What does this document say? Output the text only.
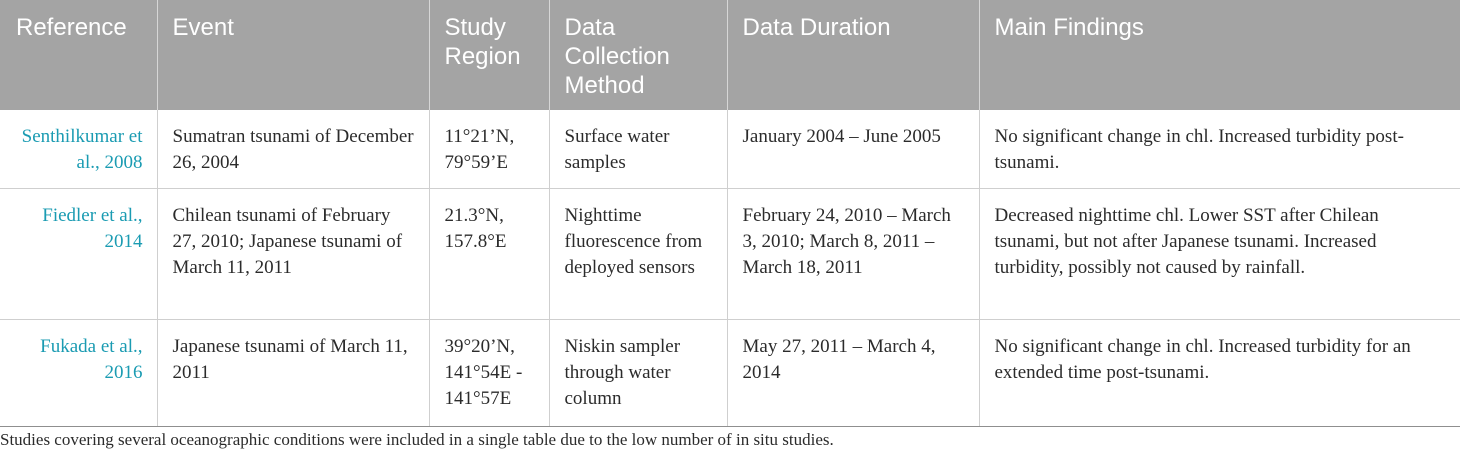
Reference	Event	Study Region	Data Collection Method	Data Duration	Main Findings
Senthilkumar et al., 2008	Sumatran tsunami of December 26, 2004	11°21’N, 79°59’E	Surface water samples	January 2004 – June 2005	No significant change in chl. Increased turbidity post-tsunami.
Fiedler et al., 2014	Chilean tsunami of February 27, 2010; Japanese tsunami of March 11, 2011	21.3°N, 157.8°E	Nighttime fluorescence from deployed sensors	February 24, 2010 – March 3, 2010; March 8, 2011 – March 18, 2011	Decreased nighttime chl. Lower SST after Chilean tsunami, but not after Japanese tsunami. Increased turbidity, possibly not caused by rainfall.
Fukada et al., 2016	Japanese tsunami of March 11, 2011	39°20’N, 141°54E - 141°57E	Niskin sampler through water column	May 27, 2011 – March 4, 2014	No significant change in chl. Increased turbidity for an extended time post-tsunami.
Studies covering several oceanographic conditions were included in a single table due to the low number of in situ studies.
